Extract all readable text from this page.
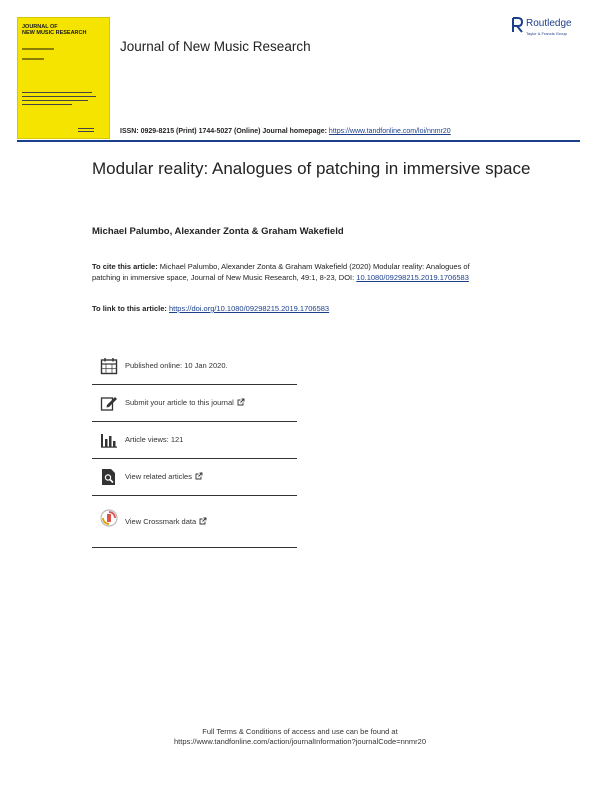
JOURNAL OF
NEW MUSIC RESEARCH
Journal of New Music Research
Routledge
Taylor & Francis Group
ISSN: 0929-8215 (Print) 1744-5027 (Online) Journal homepage: https://www.tandfonline.com/loi/nnmr20
Modular reality: Analogues of patching in immersive space
Michael Palumbo, Alexander Zonta & Graham Wakefield
To cite this article: Michael Palumbo, Alexander Zonta & Graham Wakefield (2020) Modular reality: Analogues of patching in immersive space, Journal of New Music Research, 49:1, 8-23, DOI: 10.1080/09298215.2019.1706583
To link to this article: https://doi.org/10.1080/09298215.2019.1706583
Published online: 10 Jan 2020.
Submit your article to this journal
Article views: 121
View related articles
View Crossmark data
Full Terms & Conditions of access and use can be found at
https://www.tandfonline.com/action/journalInformation?journalCode=nnmr20
